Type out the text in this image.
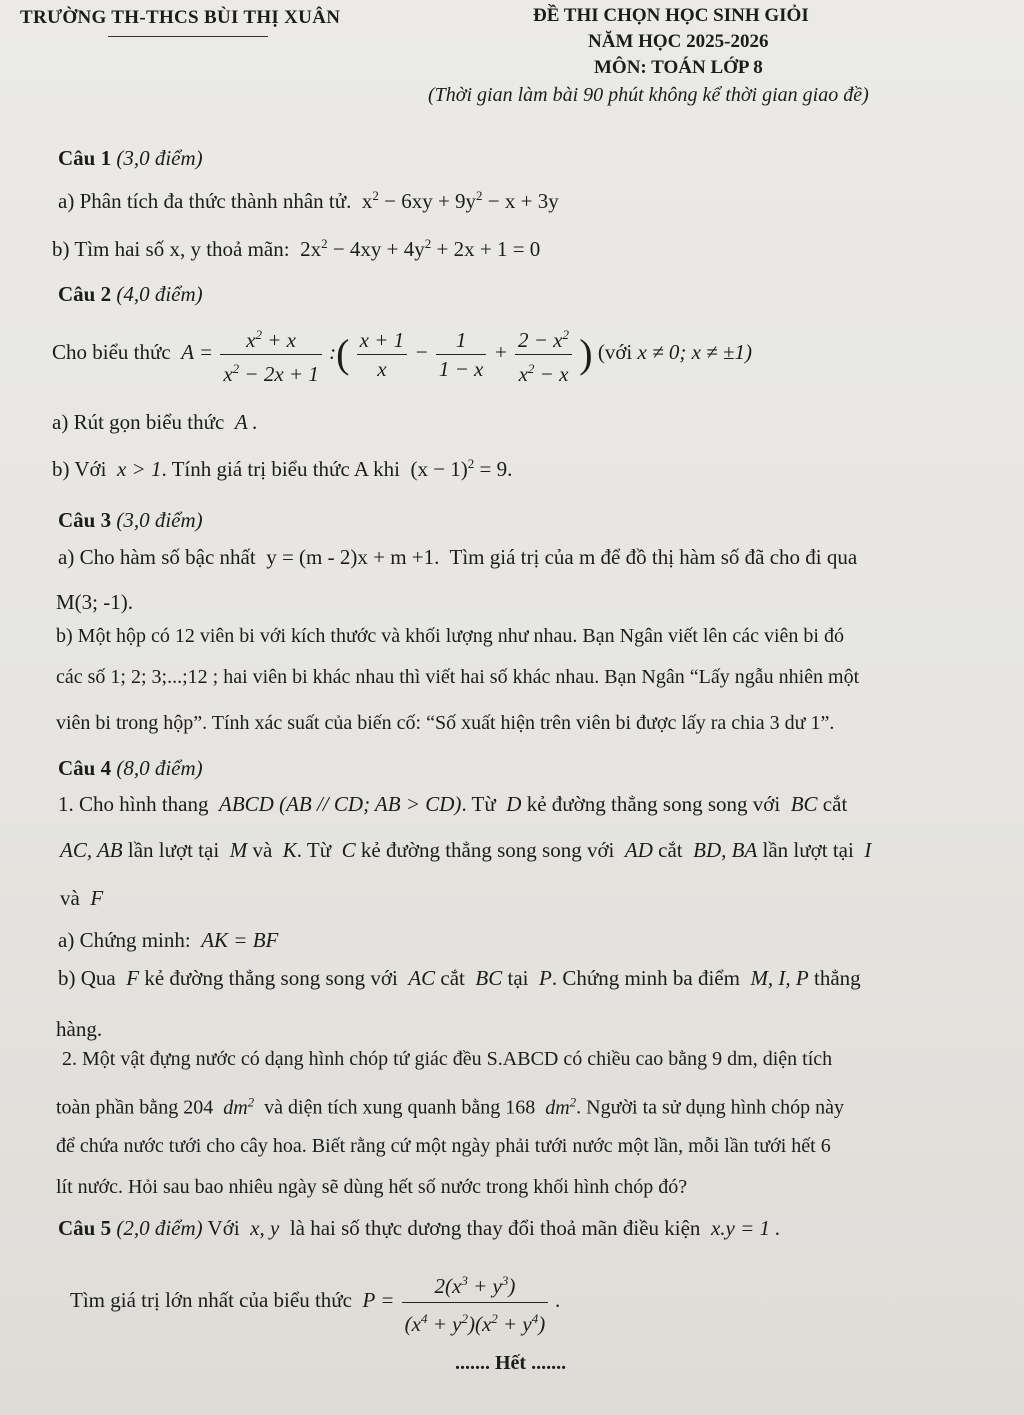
TRƯỜNG TH-THCS BÙI THỊ XUÂN	ĐỀ THI CHỌN HỌC SINH GIỎI
NĂM HỌC 2025-2026
MÔN: TOÁN LỚP 8
(Thời gian làm bài 90 phút không kể thời gian giao đề)
Câu 1 (3,0 điểm)
a) Phân tích đa thức thành nhân tử.  $x^2 - 6xy + 9y^2 - x + 3y$
b) Tìm hai số x, y thoả mãn:  $2x^2 - 4xy + 4y^2 + 2x + 1 = 0$
Câu 2 (4,0 điểm)
Cho biểu thức  $A = \frac{x^2 + x}{x^2 - 2x + 1}$ :( $\frac{x + 1}{x} - \frac{1}{1 - x} + \frac{2 - x^2}{x^2 - x}$ ) (với x ≠ 0; x ≠ ±1)
a) Rút gọn biểu thức  A .
b) Với  x > 1. Tính giá trị biểu thức A khi  $(x - 1)^2 = 9$.
Câu 3 (3,0 điểm)
a) Cho hàm số bậc nhất  y = (m - 2)x + m +1.  Tìm giá trị của m để đồ thị hàm số đã cho đi qua
M(3; -1).
b) Một hộp có 12 viên bi với kích thước và khối lượng như nhau. Bạn Ngân viết lên các viên bi đó
các số 1; 2; 3;...;12 ; hai viên bi khác nhau thì viết hai số khác nhau. Bạn Ngân “Lấy ngẫu nhiên một
viên bi trong hộp”. Tính xác suất của biến cố: “Số xuất hiện trên viên bi được lấy ra chia 3 dư 1”.
Câu 4 (8,0 điểm)
1. Cho hình thang  ABCD (AB // CD; AB > CD). Từ  D kẻ đường thẳng song song với  BC cắt
AC, AB lần lượt tại  M và  K. Từ  C kẻ đường thẳng song song với  AD cắt  BD, BA lần lượt tại  I
và  F
a) Chứng minh:  AK = BF
b) Qua  F kẻ đường thẳng song song với  AC cắt  BC tại  P. Chứng minh ba điểm  M, I, P thẳng
hàng.
2. Một vật đựng nước có dạng hình chóp tứ giác đều S.ABCD có chiều cao bằng 9 dm, diện tích
toàn phần bằng 204  $dm^2$ và diện tích xung quanh bằng 168  $dm^2$. Người ta sử dụng hình chóp này
để chứa nước tưới cho cây hoa. Biết rằng cứ một ngày phải tưới nước một lần, mỗi lần tưới hết 6
lít nước. Hỏi sau bao nhiêu ngày sẽ dùng hết số nước trong khối hình chóp đó?
Câu 5 (2,0 điểm) Với  x, y  là hai số thực dương thay đổi thoả mãn điều kiện  x.y = 1 .
Tìm giá trị lớn nhất của biểu thức  $P = \frac{2(x^3 + y^3)}{(x^4 + y^2)(x^2 + y^4)}$ .
....... Hết .......
